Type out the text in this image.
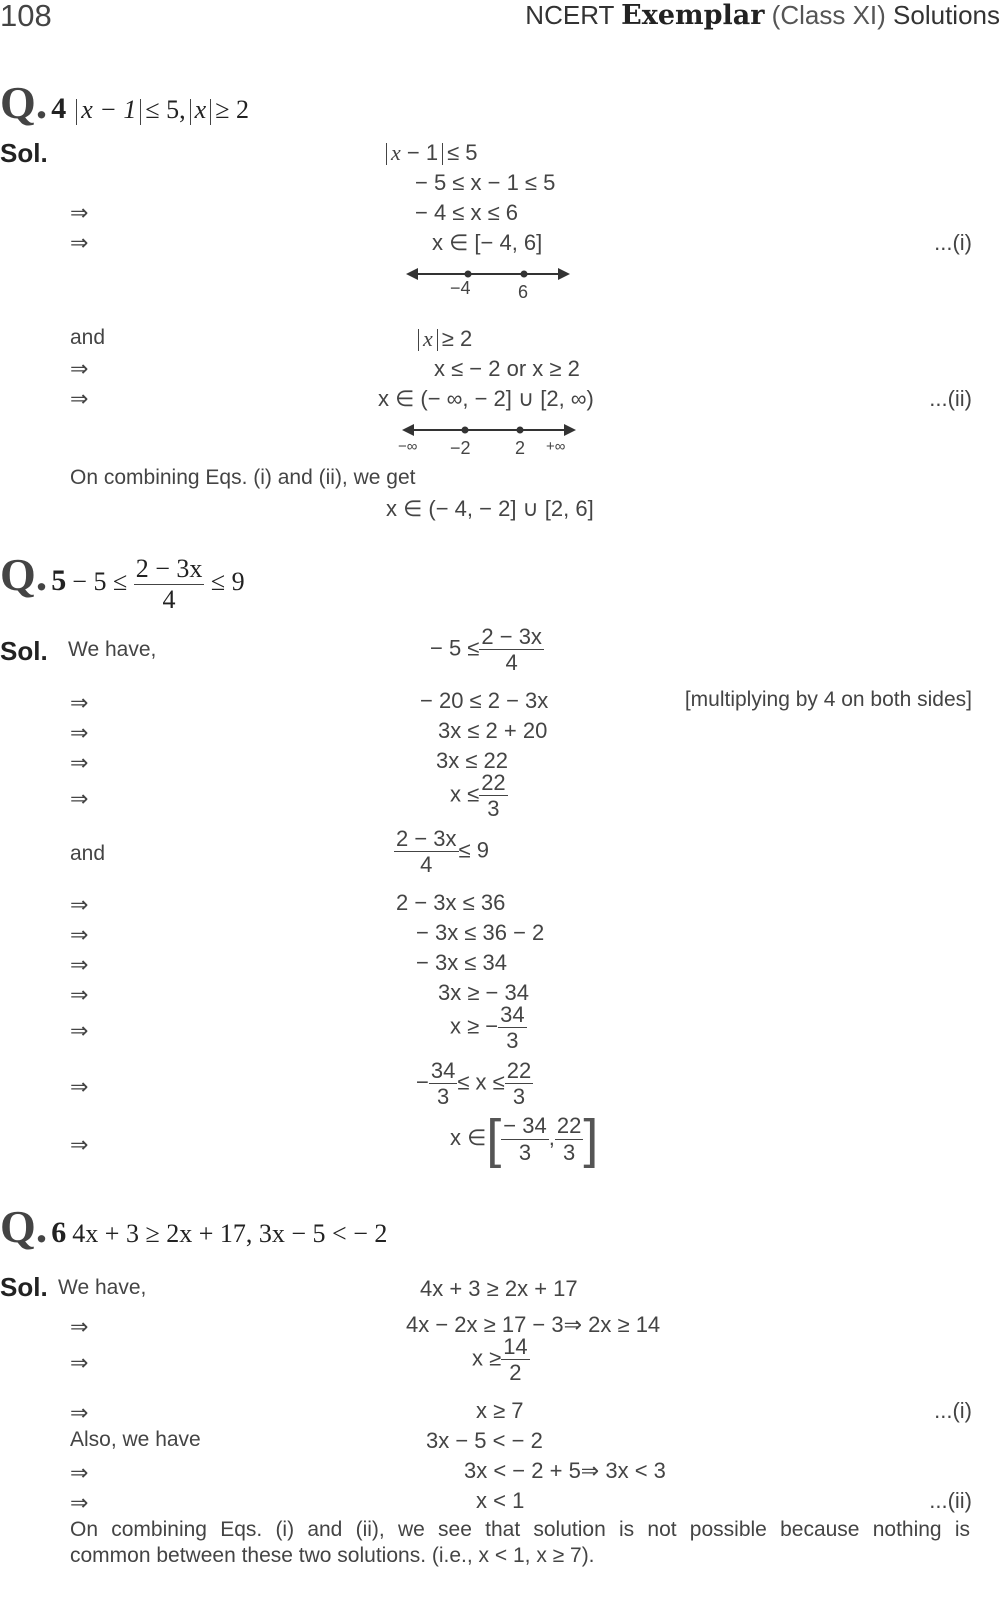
108	NCERT Exemplar (Class XI) Solutions
Q. 4 x − 1 ≤ 5, x ≥ 2
Sol.	x − 1 ≤ 5
− 5 ≤ x − 1 ≤ 5
⇒	− 4 ≤ x ≤ 6
⇒	x ∈ [− 4, 6]	...(i)
−4	6
and	x ≥ 2
⇒	x ≤ − 2 or x ≥ 2
⇒	x ∈ (− ∞, − 2] ∪ [2, ∞)	...(ii)
−∞ −2 2 +∞
On combining Eqs. (i) and (ii), we get
x ∈ (− 4, − 2] ∪ [2, 6]
Q. $5 - 5 \le \frac{2 - 3x}{4} \le 9$
Sol. We have,	− $5 \le \frac{2 - 3x}{4}$
⇒	− 20 ≤ 2 − 3x	[multiplying by 4 on both sides]
⇒	3x ≤ 2 + 20
⇒	3x ≤ 22
⇒	$x \le \frac{22}{3}$
and	$\frac{2 - 3x}{4} \le 9$
⇒	2 − 3x ≤ 36
⇒	− 3x ≤ 36 − 2
⇒	− 3x ≤ 34
⇒	3x ≥ − 34
⇒	x ≥ − $\frac{34}{3}$
⇒	− $\frac{34}{3} \le x \le \frac{22}{3}$
⇒	x ∈[ $\frac{- 34}{3}$ , $\frac{22}{3}$ ]
Q. 6 4x + 3 ≥ 2x + 17, 3x − 5 < − 2
Sol. We have,	4x + 3 ≥ 2x + 17
⇒	4x − 2x ≥ 17 − 3⇒ 2x ≥ 14
⇒	$x \ge \frac{14}{2}$
⇒	x ≥ 7	...(i)
Also, we have	3x − 5 < − 2
⇒	3x < − 2 + 5⇒ 3x < 3
⇒	x < 1	...(ii)
On combining Eqs. (i) and (ii), we see that solution is not possible because nothing is
common between these two solutions. (i.e., x < 1, x ≥ 7).
